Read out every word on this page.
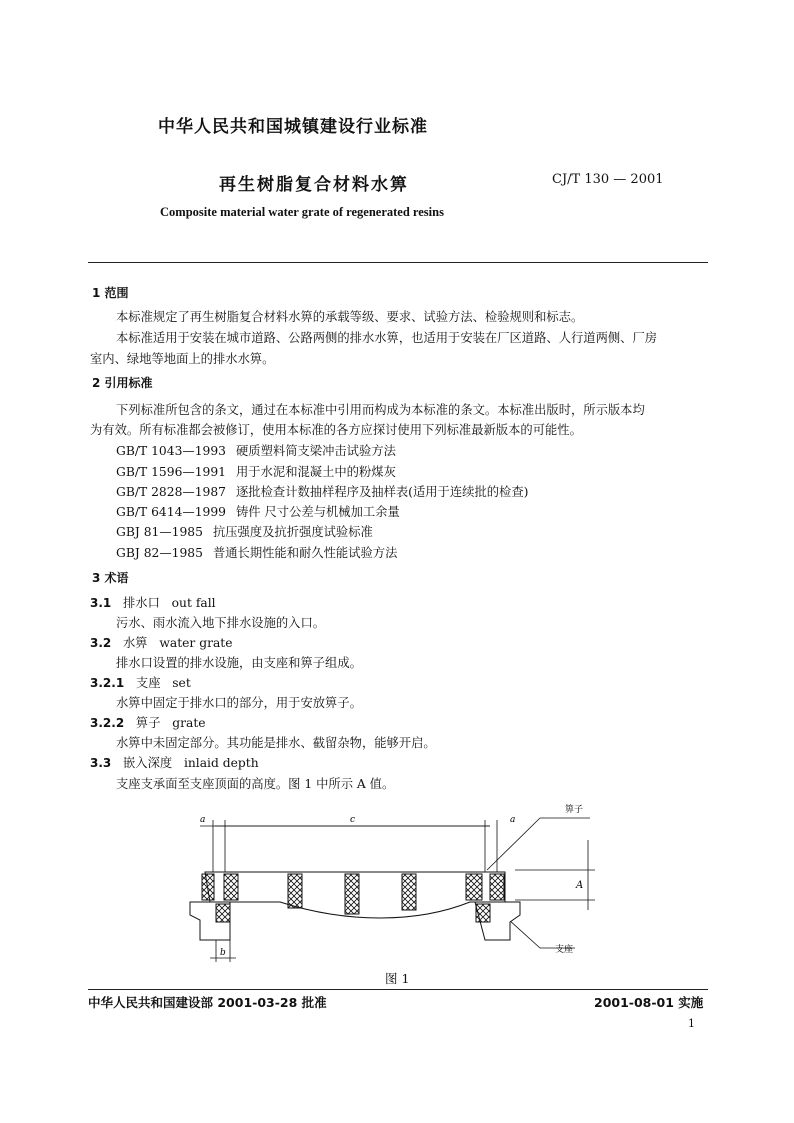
中华人民共和国城镇建设行业标准
再生树脂复合材料水箅	CJ/T 130 — 2001
Composite material water grate of regenerated resins
1 范围
本标准规定了再生树脂复合材料水箅的承载等级、要求、试验方法、检验规则和标志。
本标准适用于安装在城市道路、公路两侧的排水水箅，也适用于安装在厂区道路、人行道两侧、厂房
室内、绿地等地面上的排水水箅。
2 引用标准
下列标准所包含的条文，通过在本标准中引用而构成为本标准的条文。本标准出版时，所示版本均
为有效。所有标准都会被修订，使用本标准的各方应探讨使用下列标准最新版本的可能性。
GB/T 1043—1993 硬质塑料简支梁冲击试验方法
GB/T 1596—1991 用于水泥和混凝土中的粉煤灰
GB/T 2828—1987 逐批检查计数抽样程序及抽样表(适用于连续批的检查)
GB/T 6414—1999 铸件 尺寸公差与机械加工余量
GBJ 81—1985 抗压强度及抗折强度试验标准
GBJ 82—1985 普通长期性能和耐久性能试验方法
3 术语
3.1 排水口 out fall
污水、雨水流入地下排水设施的入口。
3.2 水箅 water grate
排水口设置的排水设施，由支座和箅子组成。
3.2.1 支座 set
水箅中固定于排水口的部分，用于安放箅子。
3.2.2 箅子 grate
水箅中未固定部分。其功能是排水、截留杂物，能够开启。
3.3 嵌入深度 inlaid depth
支座支承面至支座顶面的高度。图 1 中所示 A 值。
a	c	a
b
A
箅子
支座
图 1
中华人民共和国建设部 2001-03-28 批准	2001-08-01 实施
1
